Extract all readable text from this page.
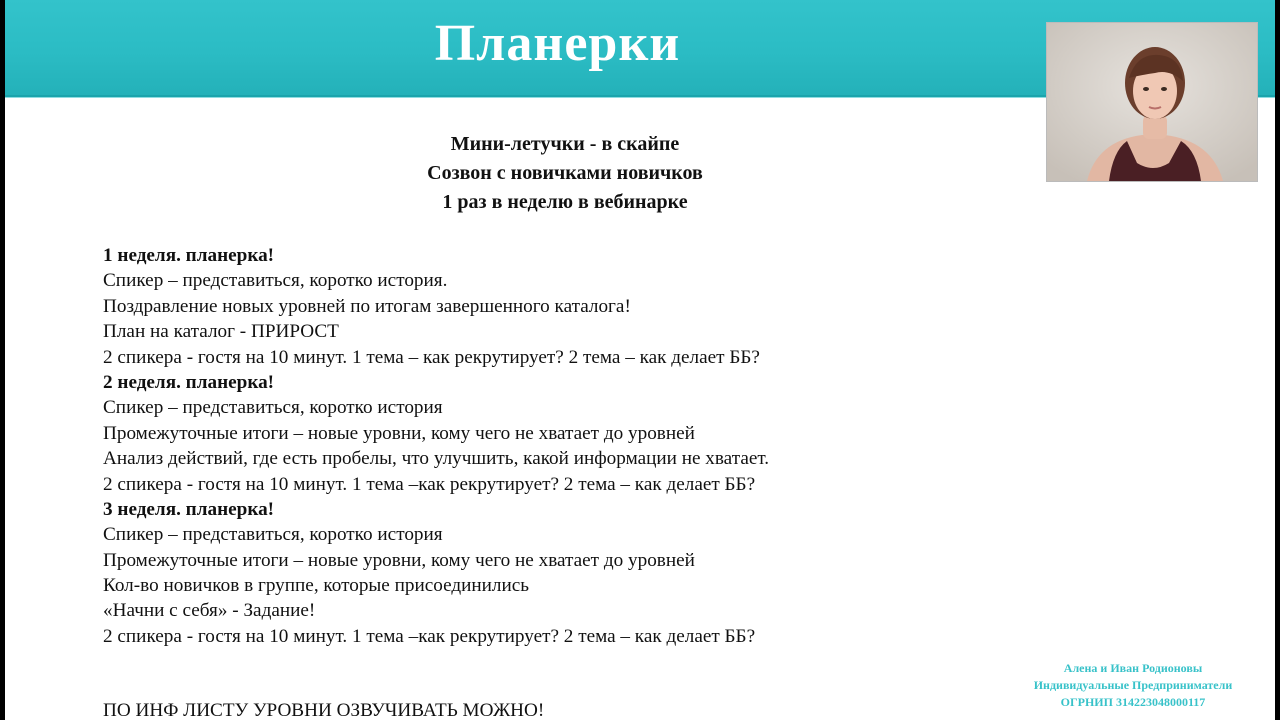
Планерки
Мини-летучки - в скайпе
Созвон с новичками новичков
1 раз в неделю в вебинарке
1 неделя. планерка!
Спикер – представиться, коротко история.
Поздравление новых уровней по итогам завершенного каталога!
План на каталог - ПРИРОСТ
2 спикера - гостя на 10 минут. 1 тема – как рекрутирует? 2 тема – как делает ББ?
2 неделя. планерка!
Спикер – представиться, коротко история
Промежуточные итоги – новые уровни, кому чего не хватает до уровней
Анализ действий, где есть пробелы, что улучшить, какой информации не хватает.
2 спикера - гостя на 10 минут. 1 тема –как рекрутирует? 2 тема – как делает ББ?
3 неделя. планерка!
Спикер – представиться, коротко история
Промежуточные итоги – новые уровни, кому чего не хватает до уровней
Кол-во новичков в группе, которые присоединились
«Начни с себя» - Задание!
2 спикера - гостя на 10 минут. 1 тема –как рекрутирует? 2 тема – как делает ББ?
ПО ИНФ ЛИСТУ УРОВНИ ОЗВУЧИВАТЬ МОЖНО!
Алена и Иван Родионовы
Индивидуальные Предприниматели
ОГРНИП 314223048000117
